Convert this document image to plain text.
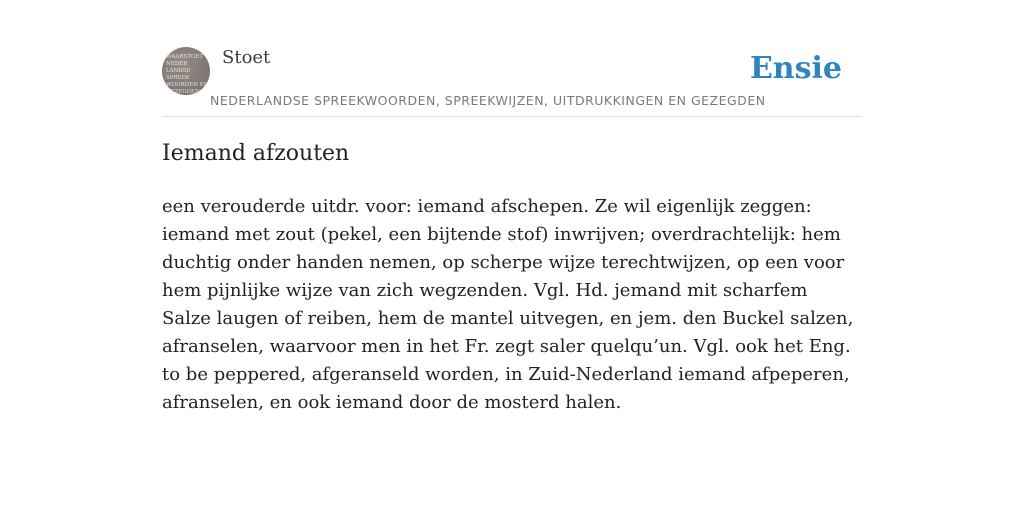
WAARSTOET
NEDER
LANDSE
SPREEK
WOORDEN EN
GEZEGDEN
Stoet
NEDERLANDSE SPREEKWOORDEN, SPREEKWIJZEN, UITDRUKKINGEN EN GEZEGDEN
Ensie
Iemand afzouten

een verouderde uitdr. voor: iemand afschepen. Ze wil eigenlijk zeggen: iemand met zout (pekel, een bijtende stof) inwrijven; overdrachtelijk: hem duchtig onder handen nemen, op scherpe wijze terechtwijzen, op een voor hem pijnlijke wijze van zich wegzenden. Vgl. Hd. jemand mit scharfem Salze laugen of reiben, hem de mantel uitvegen, en jem. den Buckel salzen, afranselen, waarvoor men in het Fr. zegt saler quelqu’un. Vgl. ook het Eng. to be peppered, afgeranseld worden, in Zuid-Nederland iemand afpeperen, afranselen, en ook iemand door de mosterd halen.
